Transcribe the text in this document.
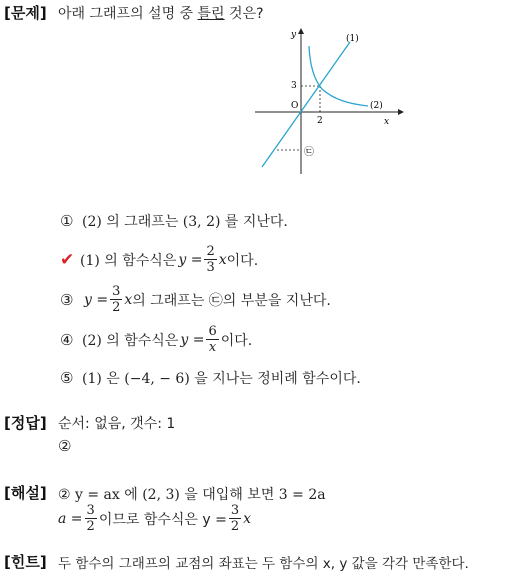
[문제] 아래 그래프의 설명 중 틀린 것은?
y
x
O
2
3
(1)
(2)
㉢
① (2) 의 그래프는 (3, 2) 를 지난다.
✔ (1) 의 함수식은 $y = \frac{2}{3}$ x 이다.
③ $y = \frac{3}{2}$ x 의 그래프는 ㉢의 부분을 지난다.
④ (2) 의 함수식은 $y = \frac{6}{x}$ 이다.
⑤ (1) 은 (−4, − 6) 을 지나는 정비례 함수이다.
[정답] 순서: 없음, 갯수: 1
②
[해설] ② y = ax 에 (2, 3) 을 대입해 보면 3 = 2a
$a = \frac{3}{2}$ 이므로 함수식은 $y = \frac{3}{2}$ x
[힌트] 두 함수의 그래프의 교점의 좌표는 두 함수의 x, y 값을 각각 만족한다.
